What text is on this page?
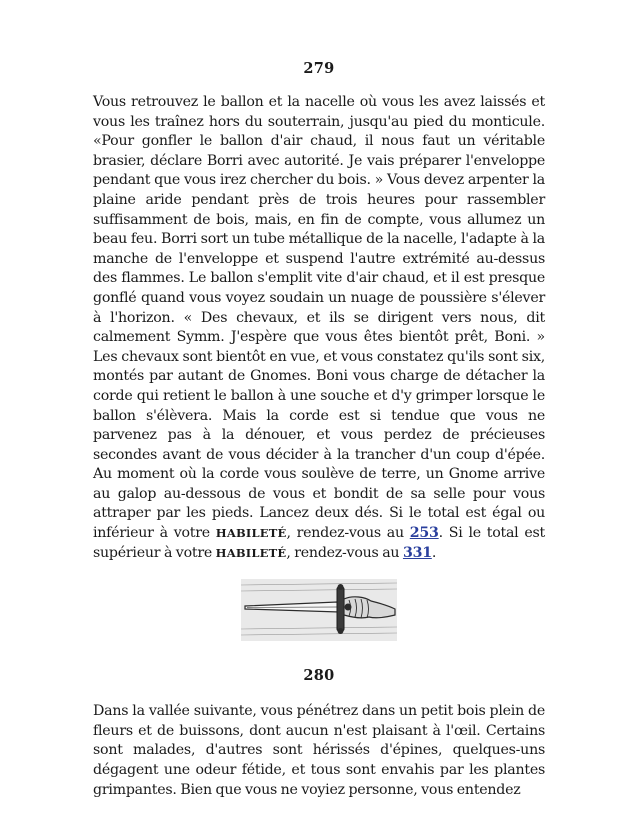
279

Vous retrouvez le ballon et la nacelle où vous les avez laissés et vous les traînez hors du souterrain, jusqu'au pied du monticule. «Pour gonfler le ballon d'air chaud, il nous faut un véritable brasier, déclare Borri avec autorité. Je vais préparer l'enveloppe pendant que vous irez chercher du bois. » Vous devez arpenter la plaine aride pendant près de trois heures pour rassembler suffisamment de bois, mais, en fin de compte, vous allumez un beau feu. Borri sort un tube métallique de la nacelle, l'adapte à la manche de l'enveloppe et suspend l'autre extrémité au-dessus des flammes. Le ballon s'emplit vite d'air chaud, et il est presque gonflé quand vous voyez soudain un nuage de poussière s'élever à l'horizon. « Des chevaux, et ils se dirigent vers nous, dit calmement Symm. J'espère que vous êtes bientôt prêt, Boni. » Les chevaux sont bientôt en vue, et vous constatez qu'ils sont six, montés par autant de Gnomes. Boni vous charge de détacher la corde qui retient le ballon à une souche et d'y grimper lorsque le ballon s'élèvera. Mais la corde est si tendue que vous ne parvenez pas à la dénouer, et vous perdez de précieuses secondes avant de vous décider à la trancher d'un coup d'épée. Au moment où la corde vous soulève de terre, un Gnome arrive au galop au-dessous de vous et bondit de sa selle pour vous attraper par les pieds. Lancez deux dés. Si le total est égal ou inférieur à votre HABILETÉ, rendez-vous au 253. Si le total est supérieur à votre HABILETÉ, rendez-vous au 331.

280

Dans la vallée suivante, vous pénétrez dans un petit bois plein de fleurs et de buissons, dont aucun n'est plaisant à l'œil. Certains sont malades, d'autres sont hérissés d'épines, quelques-uns dégagent une odeur fétide, et tous sont envahis par les plantes grimpantes. Bien que vous ne voyiez personne, vous entendez
